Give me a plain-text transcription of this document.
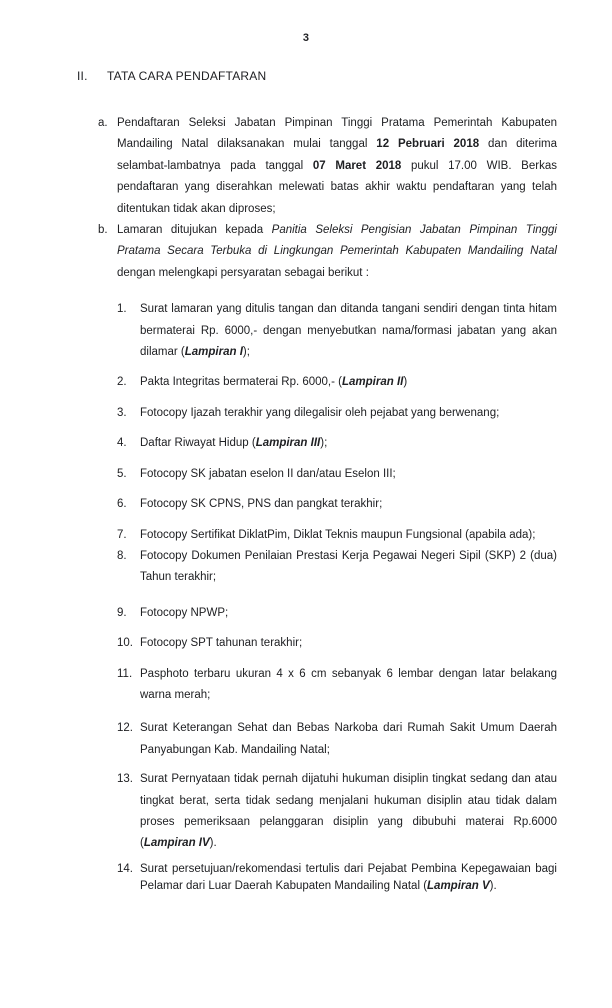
3
II. TATA CARA PENDAFTARAN
a. Pendaftaran Seleksi Jabatan Pimpinan Tinggi Pratama Pemerintah Kabupaten Mandailing Natal dilaksanakan mulai tanggal 12 Pebruari 2018 dan diterima selambat-lambatnya pada tanggal 07 Maret 2018 pukul 17.00 WIB. Berkas pendaftaran yang diserahkan melewati batas akhir waktu pendaftaran yang telah ditentukan tidak akan diproses;
b. Lamaran ditujukan kepada Panitia Seleksi Pengisian Jabatan Pimpinan Tinggi Pratama Secara Terbuka di Lingkungan Pemerintah Kabupaten Mandailing Natal dengan melengkapi persyaratan sebagai berikut :
1.	Surat lamaran yang ditulis tangan dan ditanda tangani sendiri dengan tinta hitam bermaterai Rp. 6000,- dengan menyebutkan nama/formasi jabatan yang akan dilamar (Lampiran I);
2.	Pakta Integritas bermaterai Rp. 6000,- (Lampiran II)
3.	Fotocopy Ijazah terakhir yang dilegalisir oleh pejabat yang berwenang;
4.	Daftar Riwayat Hidup (Lampiran III);
5.	Fotocopy SK jabatan eselon II dan/atau Eselon III;
6.	Fotocopy SK CPNS, PNS dan pangkat terakhir;
7.	Fotocopy Sertifikat DiklatPim, Diklat Teknis maupun Fungsional (apabila ada);
8.	Fotocopy Dokumen Penilaian Prestasi Kerja Pegawai Negeri Sipil (SKP) 2 (dua) Tahun terakhir;
9.	Fotocopy NPWP;
10. Fotocopy SPT tahunan terakhir;
11. Pasphoto terbaru ukuran 4 x 6 cm sebanyak 6 lembar dengan latar belakang warna merah;
12. Surat Keterangan Sehat dan Bebas Narkoba dari Rumah Sakit Umum Daerah Panyabungan Kab. Mandailing Natal;
13. Surat Pernyataan tidak pernah dijatuhi hukuman disiplin tingkat sedang dan atau tingkat berat, serta tidak sedang menjalani hukuman disiplin atau tidak dalam proses pemeriksaan pelanggaran disiplin yang dibubuhi materai Rp.6000 (Lampiran IV).
14. Surat persetujuan/rekomendasi tertulis dari Pejabat Pembina Kepegawaian bagi Pelamar dari Luar Daerah Kabupaten Mandailing Natal (Lampiran V).
